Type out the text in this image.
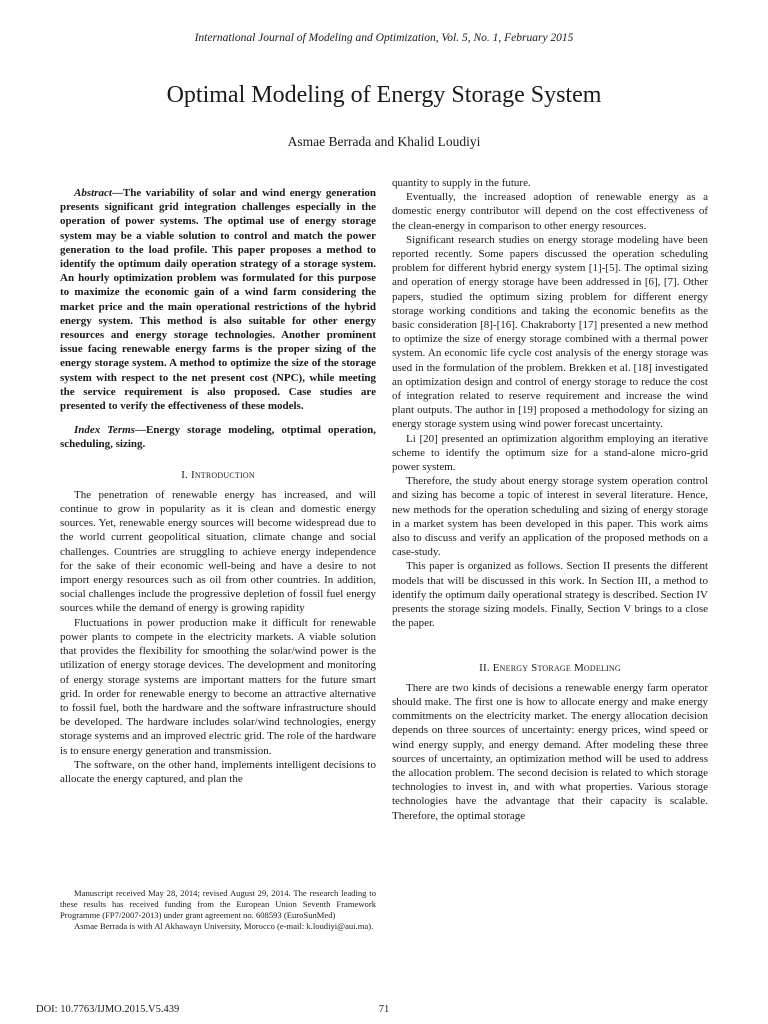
International Journal of Modeling and Optimization, Vol. 5, No. 1, February 2015
Optimal Modeling of Energy Storage System
Asmae Berrada and Khalid Loudiyi

Abstract—The variability of solar and wind energy generation presents significant grid integration challenges especially in the operation of power systems. The optimal use of energy storage system may be a viable solution to control and match the power generation to the load profile. This paper proposes a method to identify the optimum daily operation strategy of a storage system. An hourly optimization problem was formulated for this purpose to maximize the economic gain of a wind farm considering the market price and the main operational restrictions of the hybrid energy system. This method is also suitable for other energy resources and energy storage technologies. Another prominent issue facing renewable energy farms is the proper sizing of the energy storage system. A method to optimize the size of the storage system with respect to the net present cost (NPC), while meeting the service requirement is also proposed. Case studies are presented to verify the effectiveness of these models.

Index Terms—Energy storage modeling, otptimal operation, scheduling, sizing.

I. Introduction

The penetration of renewable energy has increased, and will continue to grow in popularity as it is clean and domestic energy sources. Yet, renewable energy sources will become widespread due to the world current geopolitical situation, climate change and social challenges. Countries are struggling to achieve energy independence for the sake of their economic well-being and have a desire to not import energy resources such as oil from other countries. In addition, social challenges include the progressive depletion of fossil fuel energy sources while the demand of energy is growing rapidity

Fluctuations in power production make it difficult for renewable power plants to compete in the electricity markets. A viable solution that provides the flexibility for smoothing the solar/wind power is the utilization of energy storage devices. The development and monitoring of energy storage systems are important matters for the future smart grid. In order for renewable energy to become an attractive alternative to fossil fuel, both the hardware and the software infrastructure should be developed. The hardware includes solar/wind technologies, energy storage systems and an improved electric grid. The role of the hardware is to ensure energy generation and transmission.

The software, on the other hand, implements intelligent decisions to allocate the energy captured, and plan the

quantity to supply in the future.

Eventually, the increased adoption of renewable energy as a domestic energy contributor will depend on the cost effectiveness of the clean-energy in comparison to other energy resources.

Significant research studies on energy storage modeling have been reported recently. Some papers discussed the operation scheduling problem for different hybrid energy system [1]-[5]. The optimal sizing and operation of energy storage have been addressed in [6], [7]. Other papers, studied the optimum sizing problem for different energy storage working conditions and taking the economic benefits as the basic consideration [8]-[16]. Chakraborty [17] presented a new method to optimize the size of energy storage combined with a thermal power system. An economic life cycle cost analysis of the energy storage was used in the formulation of the problem. Brekken et al. [18] investigated an optimization design and control of energy storage to reduce the cost of integration related to reserve requirement and increase the wind plant outputs. The author in [19] proposed a methodology for sizing an energy storage system using wind power forecast uncertainty.

Li [20] presented an optimization algorithm employing an iterative scheme to identify the optimum size for a stand-alone micro-grid power system.

Therefore, the study about energy storage system operation control and sizing has become a topic of interest in several literature. Hence, new methods for the operation scheduling and sizing of energy storage in a market system has been developed in this paper. This work aims also to discuss and verify an application of the proposed methods on a case-study.

This paper is organized as follows. Section II presents the different models that will be discussed in this work. In Section III, a method to identify the optimum daily operational strategy is described. Section IV presents the storage sizing models. Finally, Section V brings to a close the paper.

II. Energy Storage Modeling

There are two kinds of decisions a renewable energy farm operator should make. The first one is how to allocate energy and make energy commitments on the electricity market. The energy allocation decision depends on three sources of uncertainty: energy prices, wind speed or wind energy supply, and energy demand. After modeling these three sources of uncertainty, an optimization method will be used to address the allocation problem. The second decision is related to which storage technologies to invest in, and with what properties. Various storage technologies have the advantage that their capacity is scalable. Therefore, the optimal storage

Manuscript received May 28, 2014; revised August 29, 2014. The research leading to these results has received funding from the European Union Seventh Framework Programme (FP7/2007-2013) under grant agreement no. 608593 (EuroSunMed)

Asmae Berrada is with Al Akhawayn University, Morocco (e-mail: k.loudiyi@aui.ma).

DOI: 10.7763/IJMO.2015.V5.439	71
